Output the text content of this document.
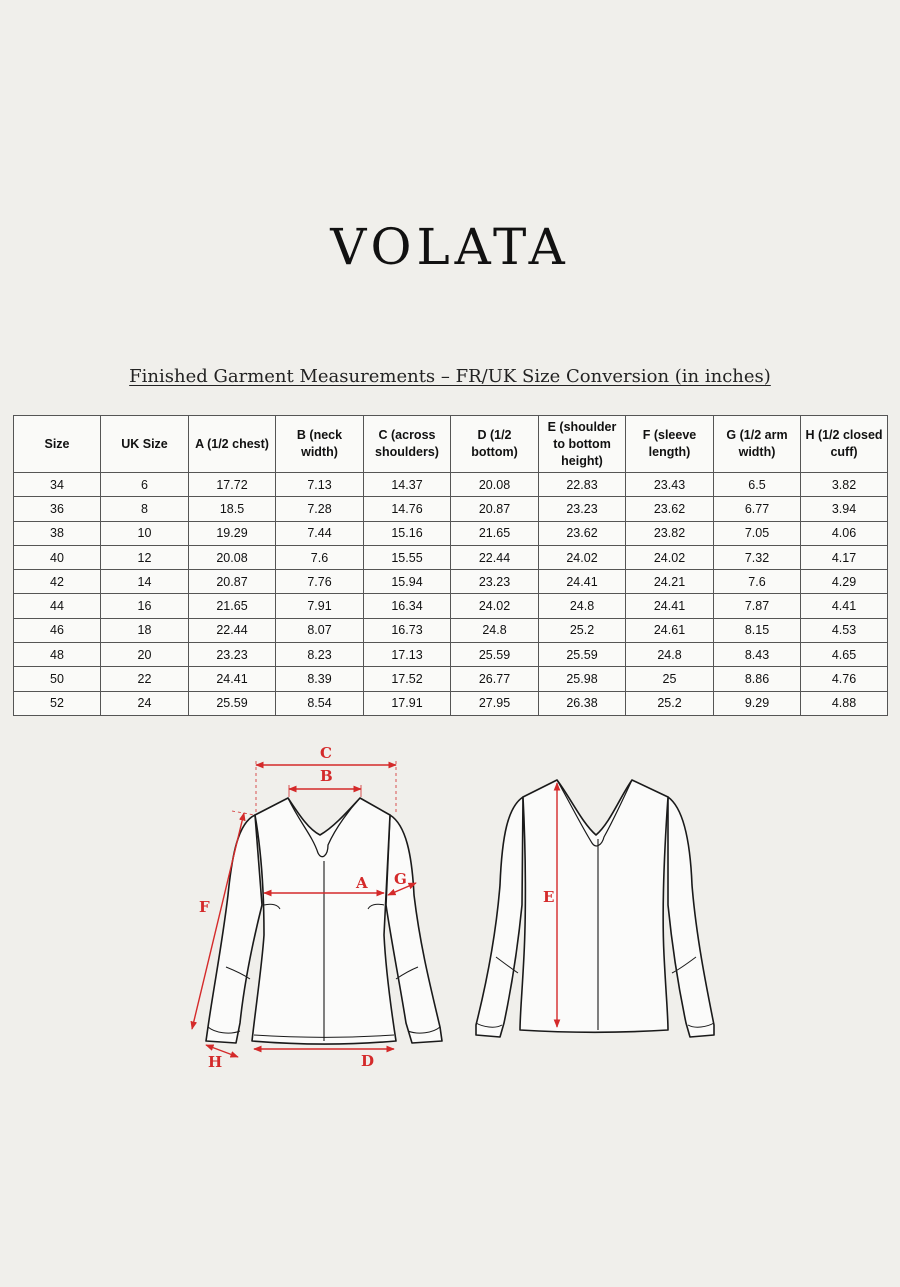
VOLATA
Finished Garment Measurements – FR/UK Size Conversion (in inches)
Size	UK Size	A (1/2 chest)	B (neck width)	C (across shoulders)	D (1/2 bottom)	E (shoulder to bottom height)	F (sleeve length)	G (1/2 arm width)	H (1/2 closed cuff)
34	6	17.72	7.13	14.37	20.08	22.83	23.43	6.5	3.82
36	8	18.5	7.28	14.76	20.87	23.23	23.62	6.77	3.94
38	10	19.29	7.44	15.16	21.65	23.62	23.82	7.05	4.06
40	12	20.08	7.6	15.55	22.44	24.02	24.02	7.32	4.17
42	14	20.87	7.76	15.94	23.23	24.41	24.21	7.6	4.29
44	16	21.65	7.91	16.34	24.02	24.8	24.41	7.87	4.41
46	18	22.44	8.07	16.73	24.8	25.2	24.61	8.15	4.53
48	20	23.23	8.23	17.13	25.59	25.59	24.8	8.43	4.65
50	22	24.41	8.39	17.52	26.77	25.98	25	8.86	4.76
52	24	25.59	8.54	17.91	27.95	26.38	25.2	9.29	4.88
C
B
A G
F
H	D
E
